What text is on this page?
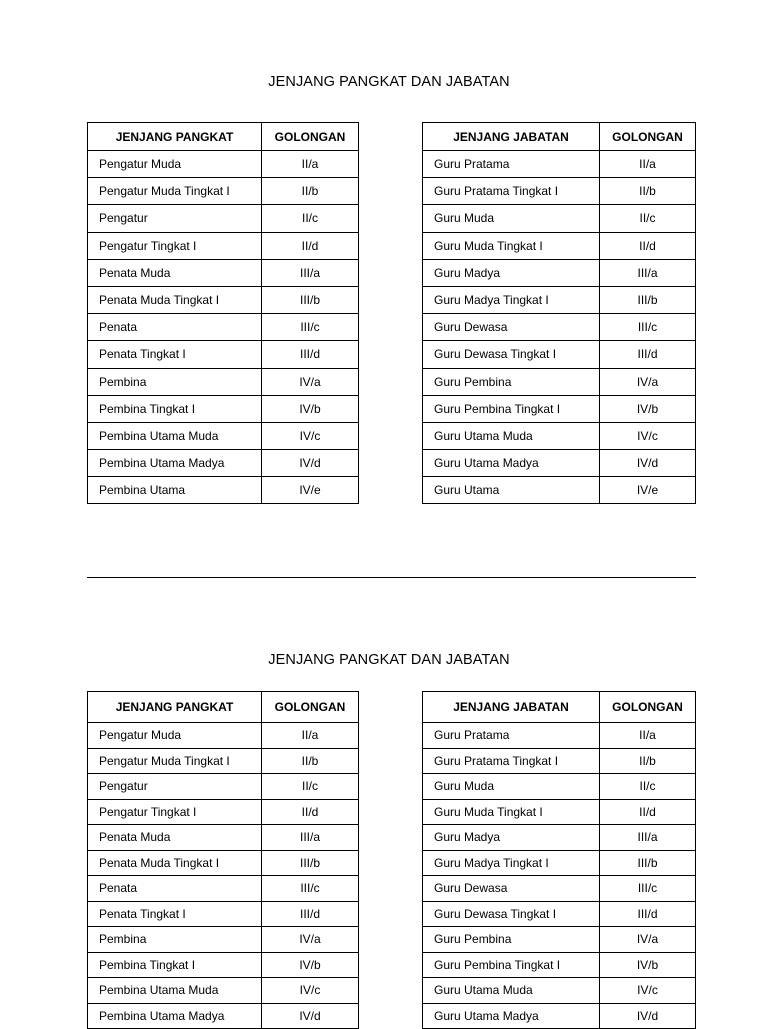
JENJANG PANGKAT DAN JABATAN
JENJANG PANGKAT	GOLONGAN
Pengatur Muda	II/a
Pengatur Muda Tingkat I	II/b
Pengatur	II/c
Pengatur Tingkat I	II/d
Penata Muda	III/a
Penata Muda Tingkat I	III/b
Penata	III/c
Penata Tingkat I	III/d
Pembina	IV/a
Pembina Tingkat I	IV/b
Pembina Utama Muda	IV/c
Pembina Utama Madya	IV/d
Pembina Utama	IV/e
JENJANG JABATAN	GOLONGAN
Guru Pratama	II/a
Guru Pratama Tingkat I	II/b
Guru Muda	II/c
Guru Muda Tingkat I	II/d
Guru Madya	III/a
Guru Madya Tingkat I	III/b
Guru Dewasa	III/c
Guru Dewasa Tingkat I	III/d
Guru Pembina	IV/a
Guru Pembina Tingkat I	IV/b
Guru Utama Muda	IV/c
Guru Utama Madya	IV/d
Guru Utama	IV/e
JENJANG PANGKAT DAN JABATAN
JENJANG PANGKAT	GOLONGAN
Pengatur Muda	II/a
Pengatur Muda Tingkat I	II/b
Pengatur	II/c
Pengatur Tingkat I	II/d
Penata Muda	III/a
Penata Muda Tingkat I	III/b
Penata	III/c
Penata Tingkat I	III/d
Pembina	IV/a
Pembina Tingkat I	IV/b
Pembina Utama Muda	IV/c
Pembina Utama Madya	IV/d
JENJANG JABATAN	GOLONGAN
Guru Pratama	II/a
Guru Pratama Tingkat I	II/b
Guru Muda	II/c
Guru Muda Tingkat I	II/d
Guru Madya	III/a
Guru Madya Tingkat I	III/b
Guru Dewasa	III/c
Guru Dewasa Tingkat I	III/d
Guru Pembina	IV/a
Guru Pembina Tingkat I	IV/b
Guru Utama Muda	IV/c
Guru Utama Madya	IV/d
